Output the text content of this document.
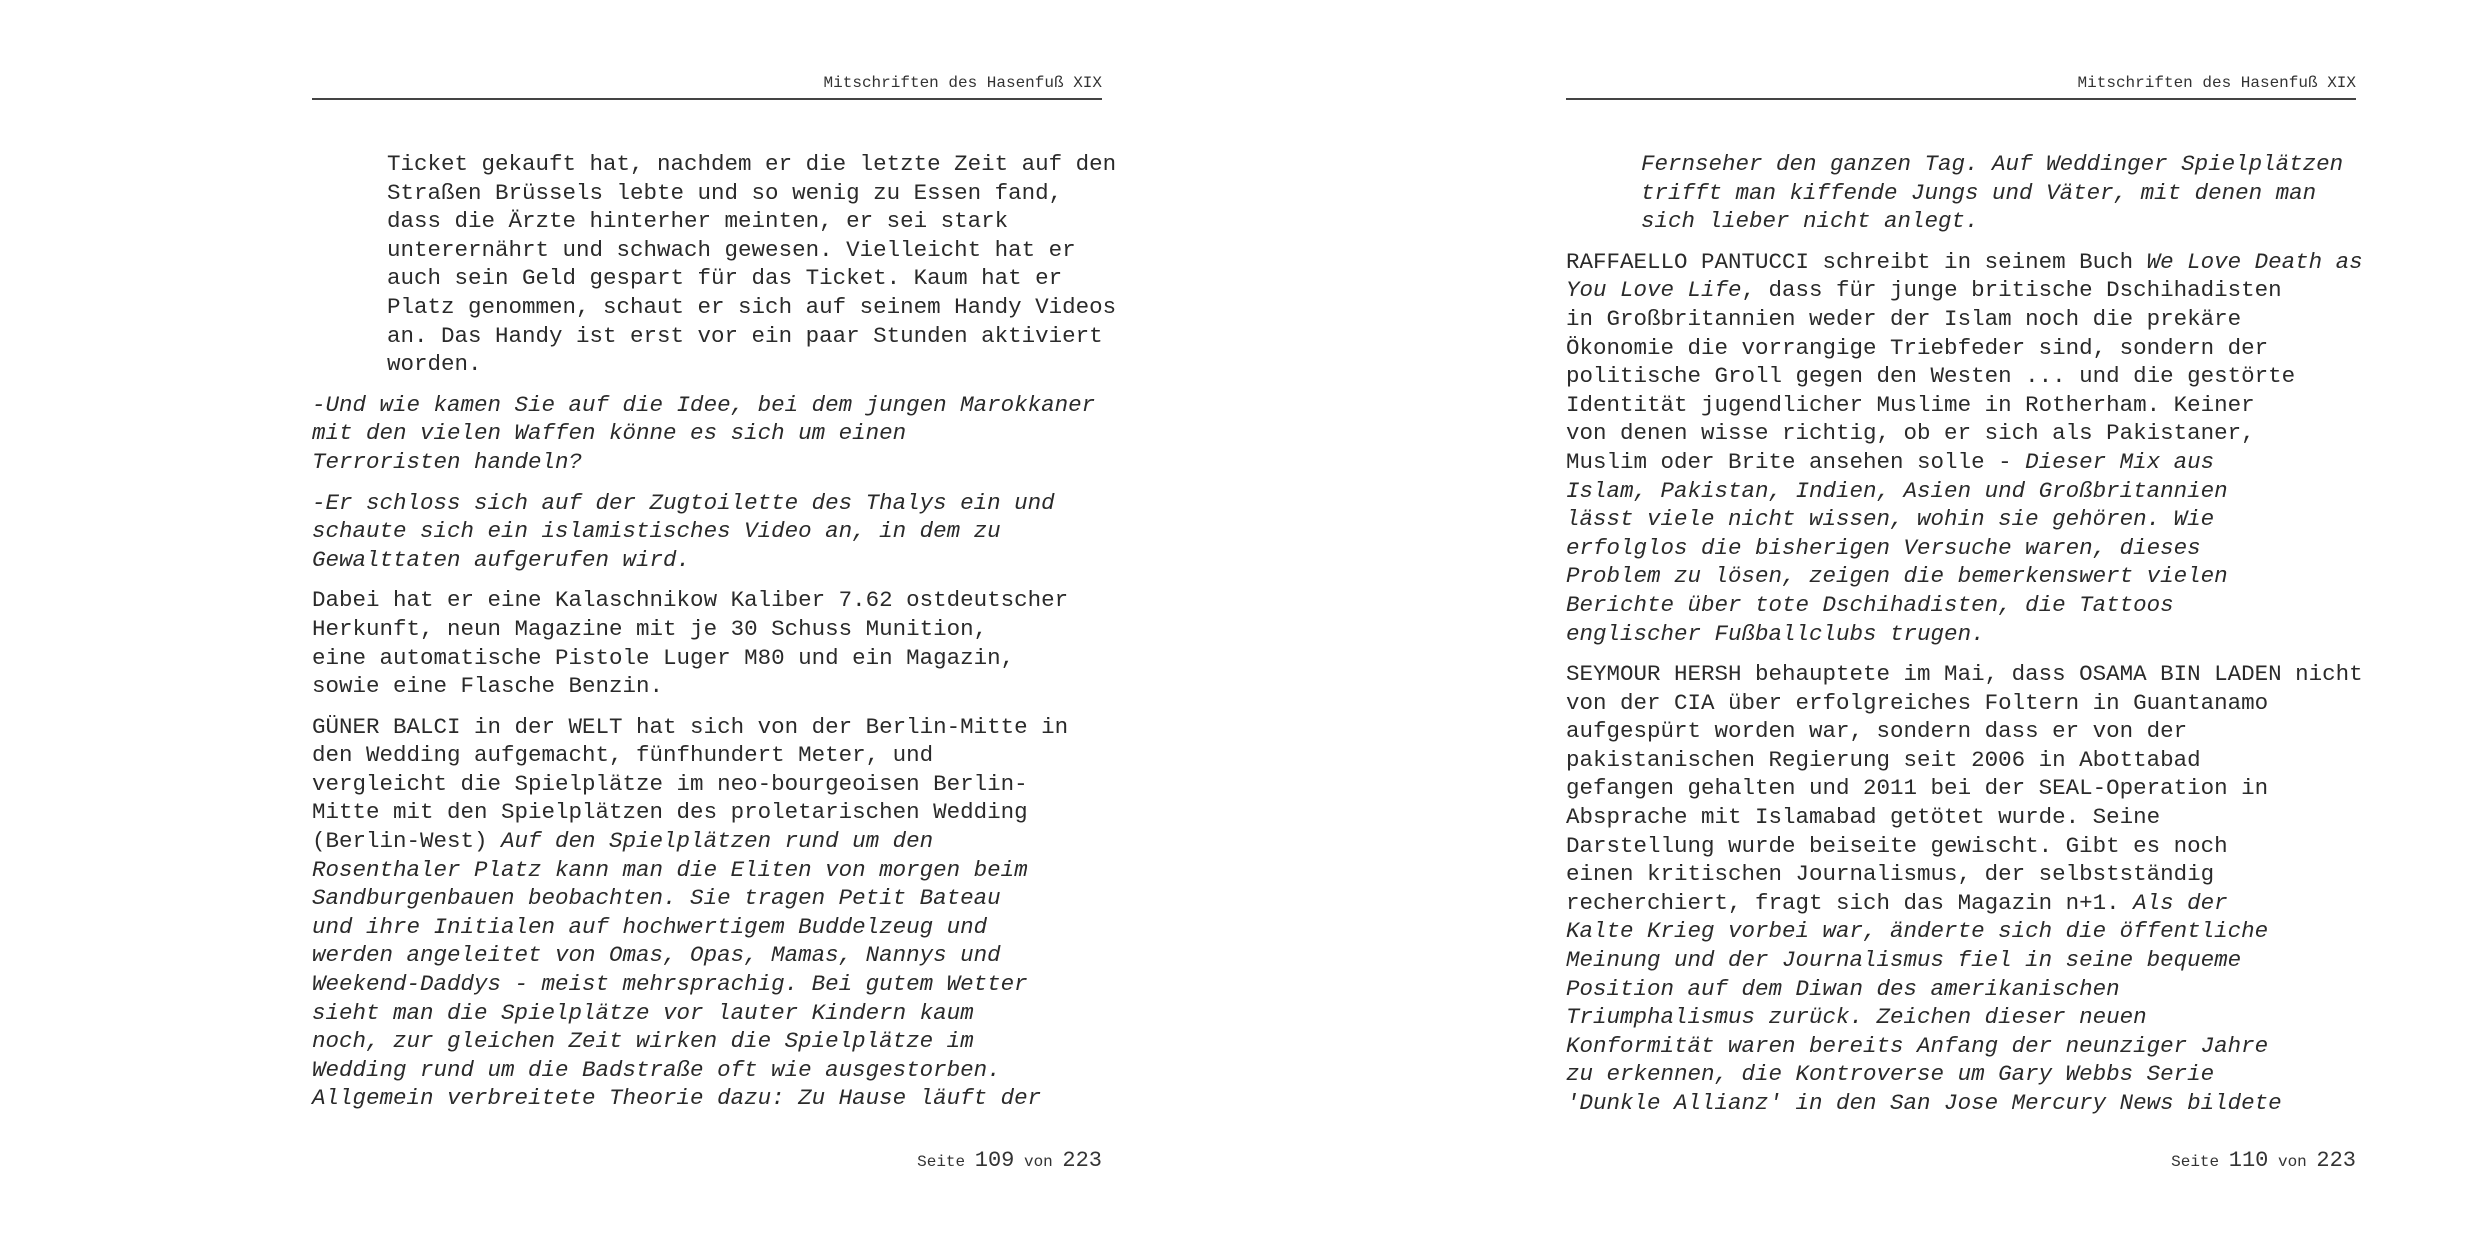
Mitschriften des Hasenfuß XIX

Ticket gekauft hat, nachdem er die letzte Zeit auf den
Straßen Brüssels lebte und so wenig zu Essen fand,
dass die Ärzte hinterher meinten, er sei stark
unterernährt und schwach gewesen. Vielleicht hat er
auch sein Geld gespart für das Ticket. Kaum hat er
Platz genommen, schaut er sich auf seinem Handy Videos
an. Das Handy ist erst vor ein paar Stunden aktiviert
worden.

-Und wie kamen Sie auf die Idee, bei dem jungen Marokkaner
mit den vielen Waffen könne es sich um einen
Terroristen handeln?

-Er schloss sich auf der Zugtoilette des Thalys ein und
schaute sich ein islamistisches Video an, in dem zu
Gewalttaten aufgerufen wird.

Dabei hat er eine Kalaschnikow Kaliber 7.62 ostdeutscher
Herkunft, neun Magazine mit je 30 Schuss Munition,
eine automatische Pistole Luger M80 und ein Magazin,
sowie eine Flasche Benzin.

GÜNER BALCI in der WELT hat sich von der Berlin-Mitte in
den Wedding aufgemacht, fünfhundert Meter, und
vergleicht die Spielplätze im neo-bourgeoisen Berlin-
Mitte mit den Spielplätzen des proletarischen Wedding
(Berlin-West) Auf den Spielplätzen rund um den
Rosenthaler Platz kann man die Eliten von morgen beim
Sandburgenbauen beobachten. Sie tragen Petit Bateau
und ihre Initialen auf hochwertigem Buddelzeug und
werden angeleitet von Omas, Opas, Mamas, Nannys und
Weekend-Daddys - meist mehrsprachig. Bei gutem Wetter
sieht man die Spielplätze vor lauter Kindern kaum
noch, zur gleichen Zeit wirken die Spielplätze im
Wedding rund um die Badstraße oft wie ausgestorben.
Allgemein verbreitete Theorie dazu: Zu Hause läuft der

Seite 109 von 223
Mitschriften des Hasenfuß XIX

Fernseher den ganzen Tag. Auf Weddinger Spielplätzen
trifft man kiffende Jungs und Väter, mit denen man
sich lieber nicht anlegt.

RAFFAELLO PANTUCCI schreibt in seinem Buch We Love Death as
You Love Life, dass für junge britische Dschihadisten
in Großbritannien weder der Islam noch die prekäre
Ökonomie die vorrangige Triebfeder sind, sondern der
politische Groll gegen den Westen ... und die gestörte
Identität jugendlicher Muslime in Rotherham. Keiner
von denen wisse richtig, ob er sich als Pakistaner,
Muslim oder Brite ansehen solle - Dieser Mix aus
Islam, Pakistan, Indien, Asien und Großbritannien
lässt viele nicht wissen, wohin sie gehören. Wie
erfolglos die bisherigen Versuche waren, dieses
Problem zu lösen, zeigen die bemerkenswert vielen
Berichte über tote Dschihadisten, die Tattoos
englischer Fußballclubs trugen.

SEYMOUR HERSH behauptete im Mai, dass OSAMA BIN LADEN nicht
von der CIA über erfolgreiches Foltern in Guantanamo
aufgespürt worden war, sondern dass er von der
pakistanischen Regierung seit 2006 in Abottabad
gefangen gehalten und 2011 bei der SEAL-Operation in
Absprache mit Islamabad getötet wurde. Seine
Darstellung wurde beiseite gewischt. Gibt es noch
einen kritischen Journalismus, der selbstständig
recherchiert, fragt sich das Magazin n+1. Als der
Kalte Krieg vorbei war, änderte sich die öffentliche
Meinung und der Journalismus fiel in seine bequeme
Position auf dem Diwan des amerikanischen
Triumphalismus zurück. Zeichen dieser neuen
Konformität waren bereits Anfang der neunziger Jahre
zu erkennen, die Kontroverse um Gary Webbs Serie
'Dunkle Allianz' in den San Jose Mercury News bildete

Seite 110 von 223
